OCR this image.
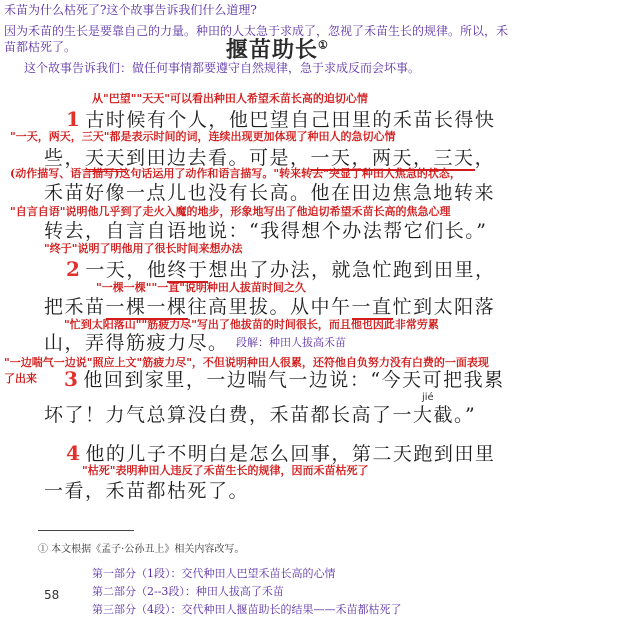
禾苗为什么枯死了?这个故事告诉我们什么道理?
因为禾苗的生长是要靠自己的力量。种田的人太急于求成了，忽视了禾苗生长的规律。所以，禾
苗都枯死了。
这个故事告诉我们：做任何事情都要遵守自然规律，急于求成反而会坏事。
揠苗助长①
从"巴望""天天"可以看出种田人希望禾苗长高的迫切心情
1 古时候有个人，他巴望自己田里的禾苗长得快
"一天，两天，三天"都是表示时间的词，连续出现更加体现了种田人的急切心情
些，天天到田边去看。可是，一天，两天，三天，
(动作描写、语言描写)这句话运用了动作和语言描写。"转来转去"突显了种田人焦急的状态，
禾苗好像一点儿也没有长高。他在田边焦急地转来
"自言自语"说明他几乎到了走火入魔的地步，形象地写出了他迫切希望禾苗长高的焦急心理
转去，自言自语地说：“我得想个办法帮它们长。”
"终于"说明了明他用了很长时间来想办法
2 一天，他终于想出了办法，就急忙跑到田里，
"一棵一棵""一直"说明种田人拔苗时间之久
把禾苗一棵一棵往高里拔。从中午一直忙到太阳落
"忙到太阳落山""筋疲力尽"写出了他拔苗的时间很长，而且他也因此非常劳累
山，弄得筋疲力尽。 段解：种田人拔高禾苗
"一边喘气一边说"照应上文"筋疲力尽"，不但说明种田人很累，还符他自负努力没有白费的一面表现
了出来 3 他回到家里，一边喘气一边说：“今天可把我累
jié
坏了！力气总算没白费，禾苗都长高了一大截。”
4 他的儿子不明白是怎么回事，第二天跑到田里
"枯死"表明种田人违反了禾苗生长的规律，因而禾苗枯死了
一看，禾苗都枯死了。
① 本文根据《孟子·公孙丑上》相关内容改写。
58
第一部分（1段）：交代种田人巴望禾苗长高的心情
第二部分（2--3段）：种田人拔高了禾苗
第三部分（4段）：交代种田人揠苗助长的结果——禾苗都枯死了
